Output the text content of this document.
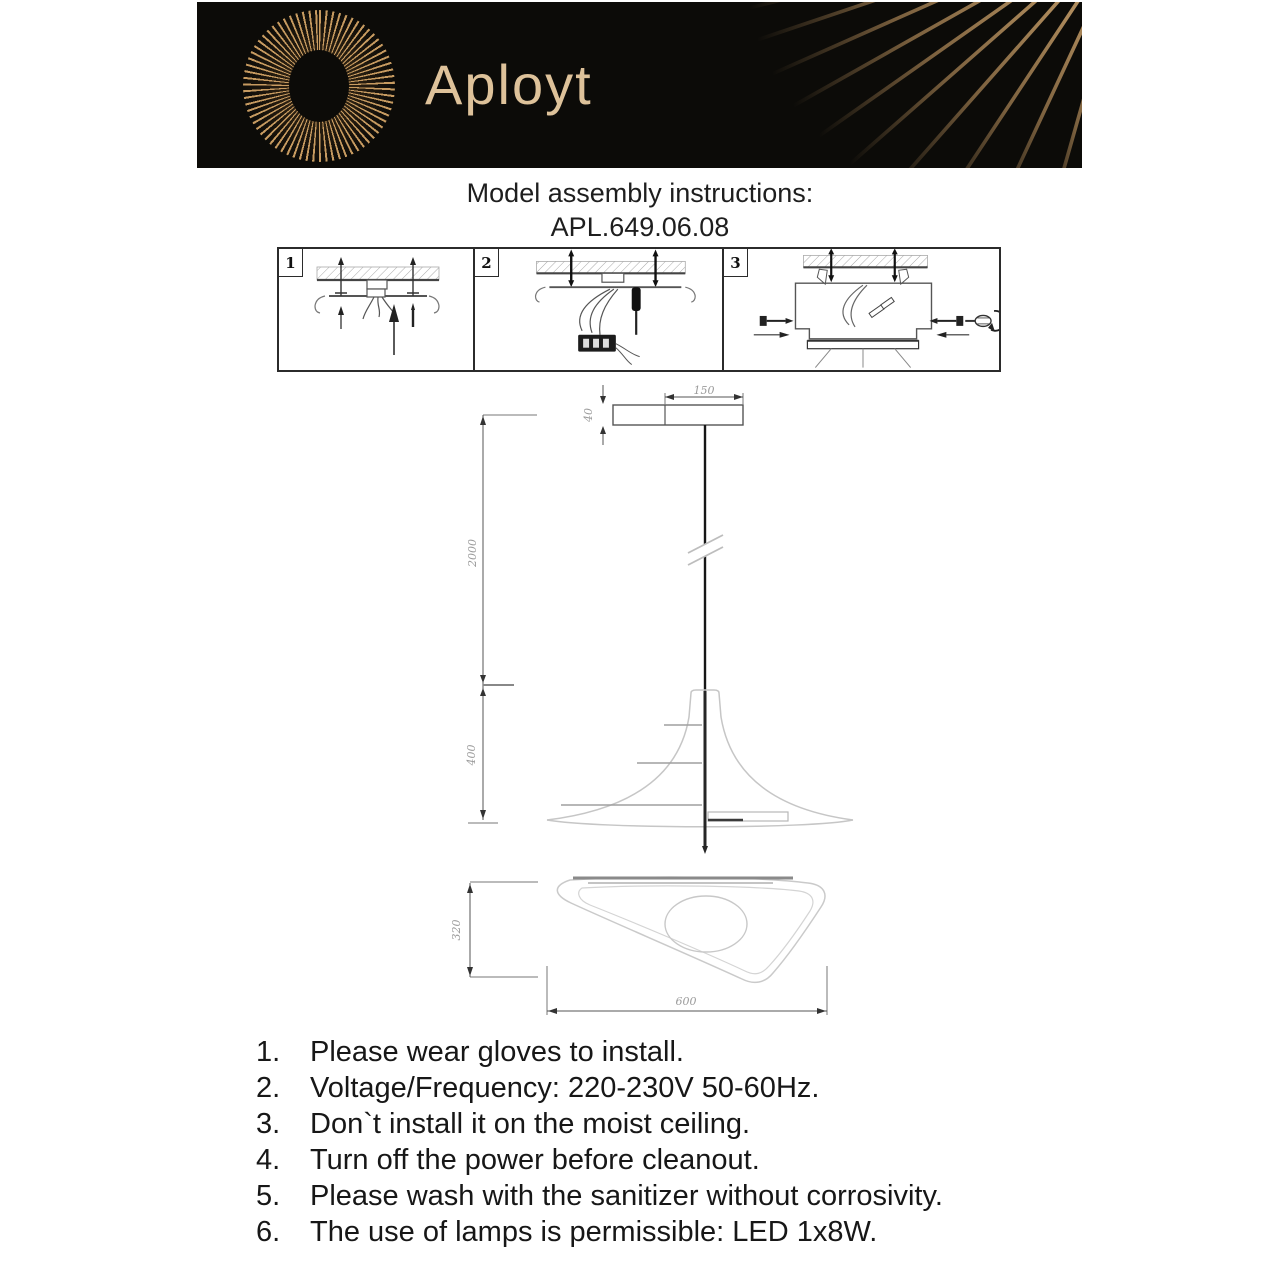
Aployt
Model assembly instructions:
APL.649.06.08
1	2	3
2000
400
150
40
320
600
1.	Please wear gloves to install.
2.	Voltage/Frequency: 220-230V 50-60Hz.
3.	Don`t install it on the moist ceiling.
4.	Turn off the power before cleanout.
5.	Please wash with the sanitizer without corrosivity.
6.	The use of lamps is permissible: LED 1x8W.
